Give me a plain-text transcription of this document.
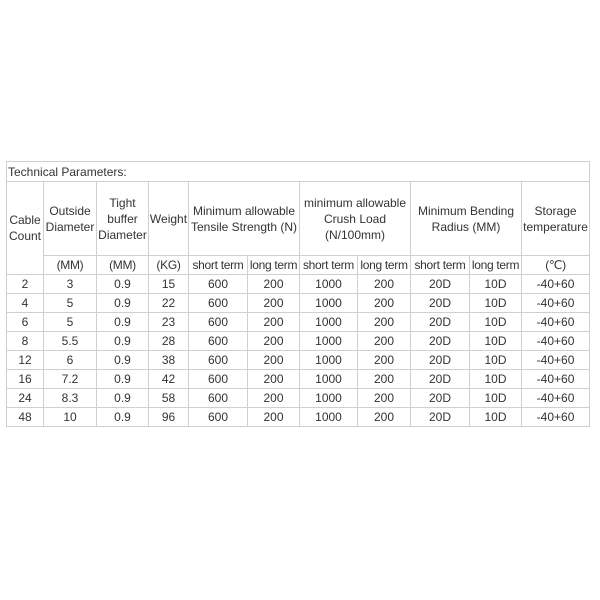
Technical Parameters:										
Cable Count	Outside Diameter	Tight buffer Diameter	Weight	Minimum allowable Tensile Strength (N)		minimum allowable Crush Load (N/100mm)		Minimum Bending Radius (MM)		Storage temperature
	(MM)	(MM)	(KG)	short term	long term	short term	long term	short term	long term	(℃)
2	3	0.9	15	600	200	1000	200	20D	10D	-40+60
4	5	0.9	22	600	200	1000	200	20D	10D	-40+60
6	5	0.9	23	600	200	1000	200	20D	10D	-40+60
8	5.5	0.9	28	600	200	1000	200	20D	10D	-40+60
12	6	0.9	38	600	200	1000	200	20D	10D	-40+60
16	7.2	0.9	42	600	200	1000	200	20D	10D	-40+60
24	8.3	0.9	58	600	200	1000	200	20D	10D	-40+60
48	10	0.9	96	600	200	1000	200	20D	10D	-40+60
